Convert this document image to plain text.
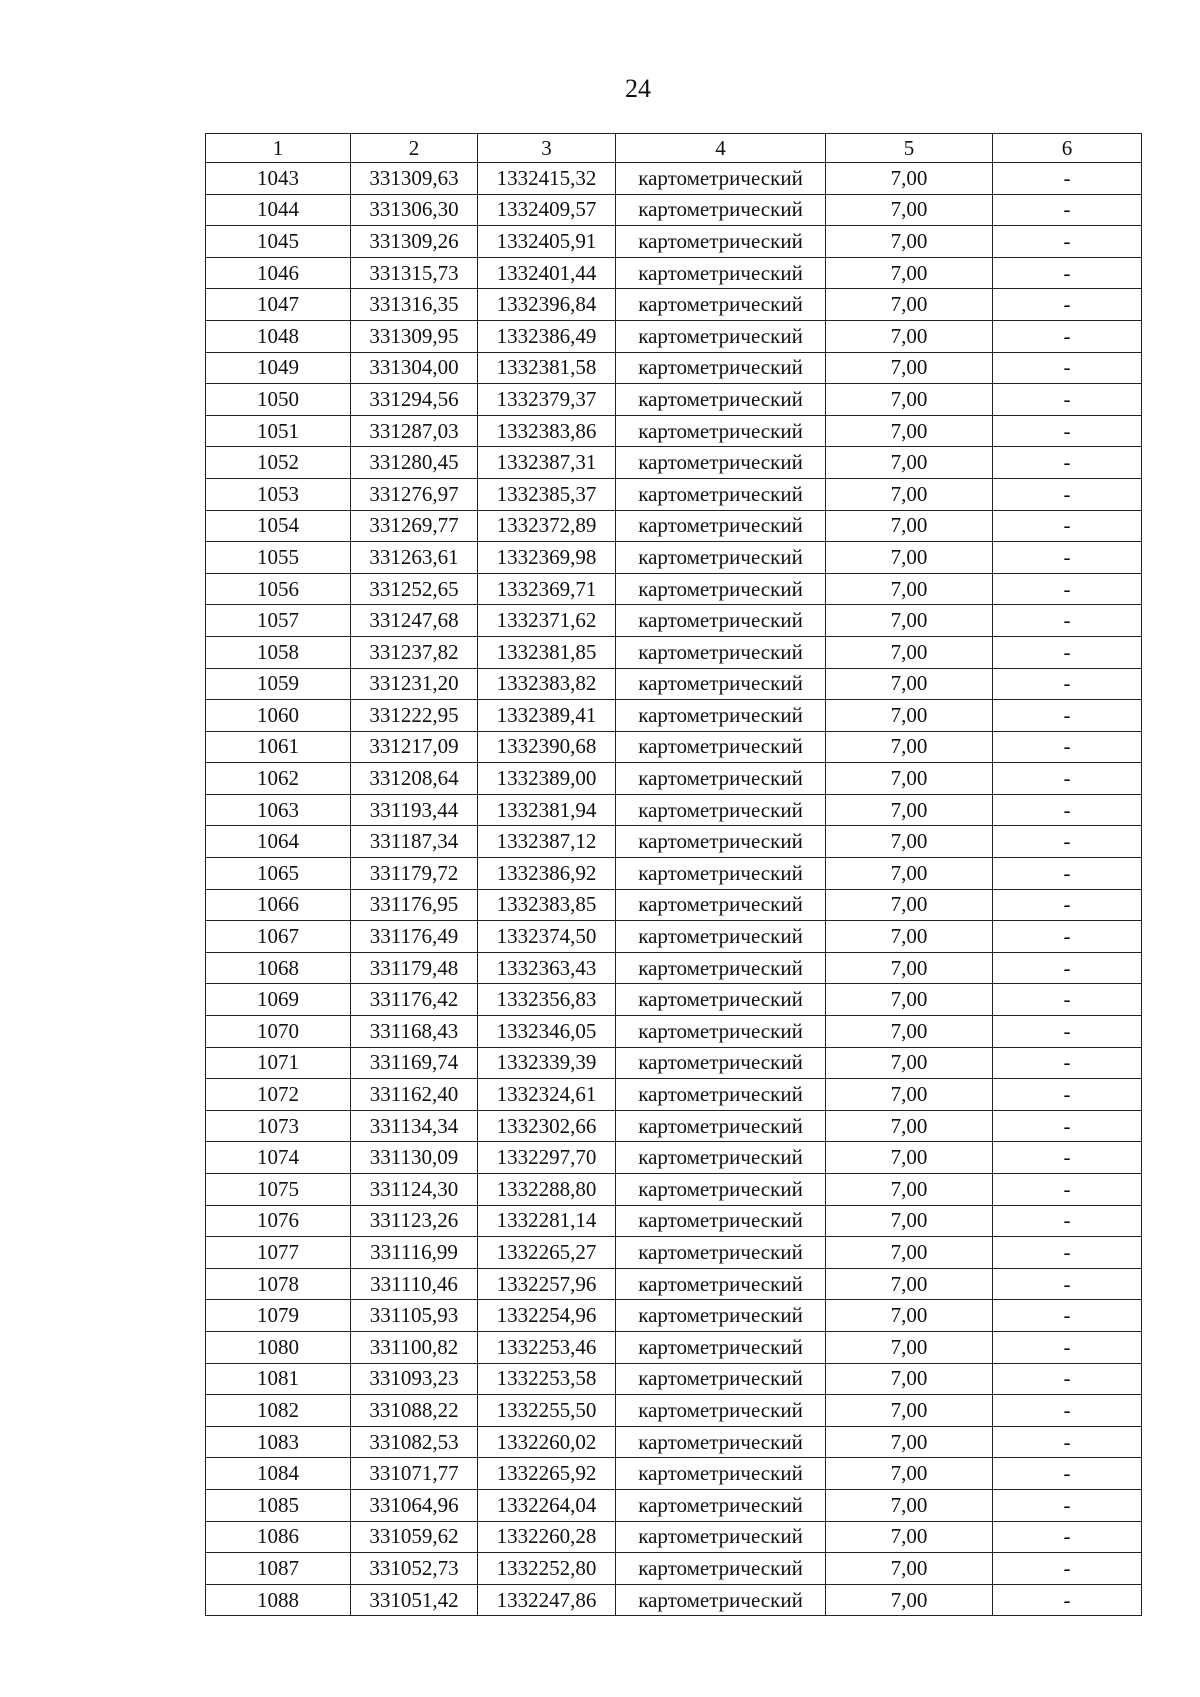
24
1	2	3	4	5	6
1043	331309,63	1332415,32	картометрический	7,00	-
1044	331306,30	1332409,57	картометрический	7,00	-
1045	331309,26	1332405,91	картометрический	7,00	-
1046	331315,73	1332401,44	картометрический	7,00	-
1047	331316,35	1332396,84	картометрический	7,00	-
1048	331309,95	1332386,49	картометрический	7,00	-
1049	331304,00	1332381,58	картометрический	7,00	-
1050	331294,56	1332379,37	картометрический	7,00	-
1051	331287,03	1332383,86	картометрический	7,00	-
1052	331280,45	1332387,31	картометрический	7,00	-
1053	331276,97	1332385,37	картометрический	7,00	-
1054	331269,77	1332372,89	картометрический	7,00	-
1055	331263,61	1332369,98	картометрический	7,00	-
1056	331252,65	1332369,71	картометрический	7,00	-
1057	331247,68	1332371,62	картометрический	7,00	-
1058	331237,82	1332381,85	картометрический	7,00	-
1059	331231,20	1332383,82	картометрический	7,00	-
1060	331222,95	1332389,41	картометрический	7,00	-
1061	331217,09	1332390,68	картометрический	7,00	-
1062	331208,64	1332389,00	картометрический	7,00	-
1063	331193,44	1332381,94	картометрический	7,00	-
1064	331187,34	1332387,12	картометрический	7,00	-
1065	331179,72	1332386,92	картометрический	7,00	-
1066	331176,95	1332383,85	картометрический	7,00	-
1067	331176,49	1332374,50	картометрический	7,00	-
1068	331179,48	1332363,43	картометрический	7,00	-
1069	331176,42	1332356,83	картометрический	7,00	-
1070	331168,43	1332346,05	картометрический	7,00	-
1071	331169,74	1332339,39	картометрический	7,00	-
1072	331162,40	1332324,61	картометрический	7,00	-
1073	331134,34	1332302,66	картометрический	7,00	-
1074	331130,09	1332297,70	картометрический	7,00	-
1075	331124,30	1332288,80	картометрический	7,00	-
1076	331123,26	1332281,14	картометрический	7,00	-
1077	331116,99	1332265,27	картометрический	7,00	-
1078	331110,46	1332257,96	картометрический	7,00	-
1079	331105,93	1332254,96	картометрический	7,00	-
1080	331100,82	1332253,46	картометрический	7,00	-
1081	331093,23	1332253,58	картометрический	7,00	-
1082	331088,22	1332255,50	картометрический	7,00	-
1083	331082,53	1332260,02	картометрический	7,00	-
1084	331071,77	1332265,92	картометрический	7,00	-
1085	331064,96	1332264,04	картометрический	7,00	-
1086	331059,62	1332260,28	картометрический	7,00	-
1087	331052,73	1332252,80	картометрический	7,00	-
1088	331051,42	1332247,86	картометрический	7,00	-
